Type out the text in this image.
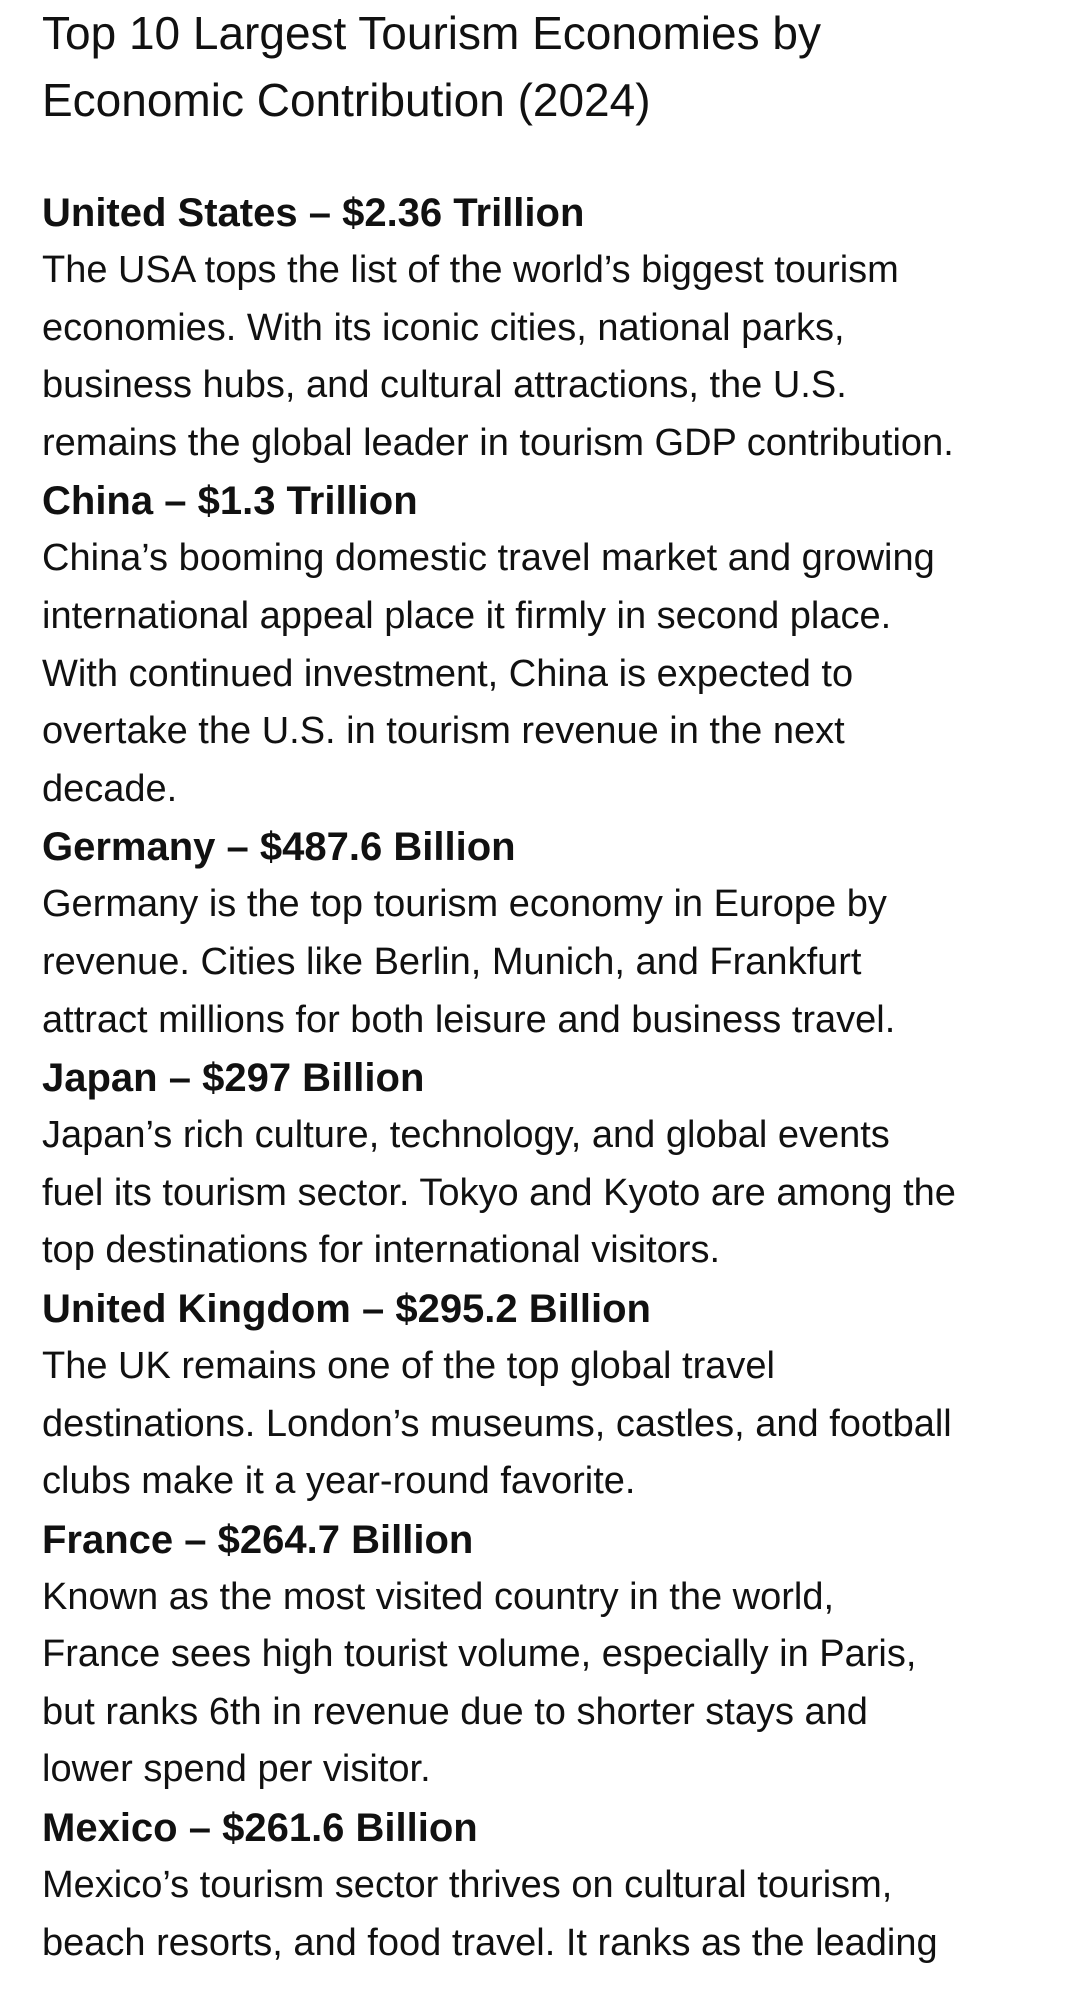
Top 10 Largest Tourism Economies by
Economic Contribution (2024)
United States – $2.36 Trillion

The USA tops the list of the world’s biggest tourism
economies. With its iconic cities, national parks,
business hubs, and cultural attractions, the U.S.
remains the global leader in tourism GDP contribution.

China – $1.3 Trillion

China’s booming domestic travel market and growing
international appeal place it firmly in second place.
With continued investment, China is expected to
overtake the U.S. in tourism revenue in the next
decade.

Germany – $487.6 Billion

Germany is the top tourism economy in Europe by
revenue. Cities like Berlin, Munich, and Frankfurt
attract millions for both leisure and business travel.

Japan – $297 Billion

Japan’s rich culture, technology, and global events
fuel its tourism sector. Tokyo and Kyoto are among the
top destinations for international visitors.

United Kingdom – $295.2 Billion

The UK remains one of the top global travel
destinations. London’s museums, castles, and football
clubs make it a year-round favorite.

France – $264.7 Billion

Known as the most visited country in the world,
France sees high tourist volume, especially in Paris,
but ranks 6th in revenue due to shorter stays and
lower spend per visitor.

Mexico – $261.6 Billion

Mexico’s tourism sector thrives on cultural tourism,
beach resorts, and food travel. It ranks as the leading
